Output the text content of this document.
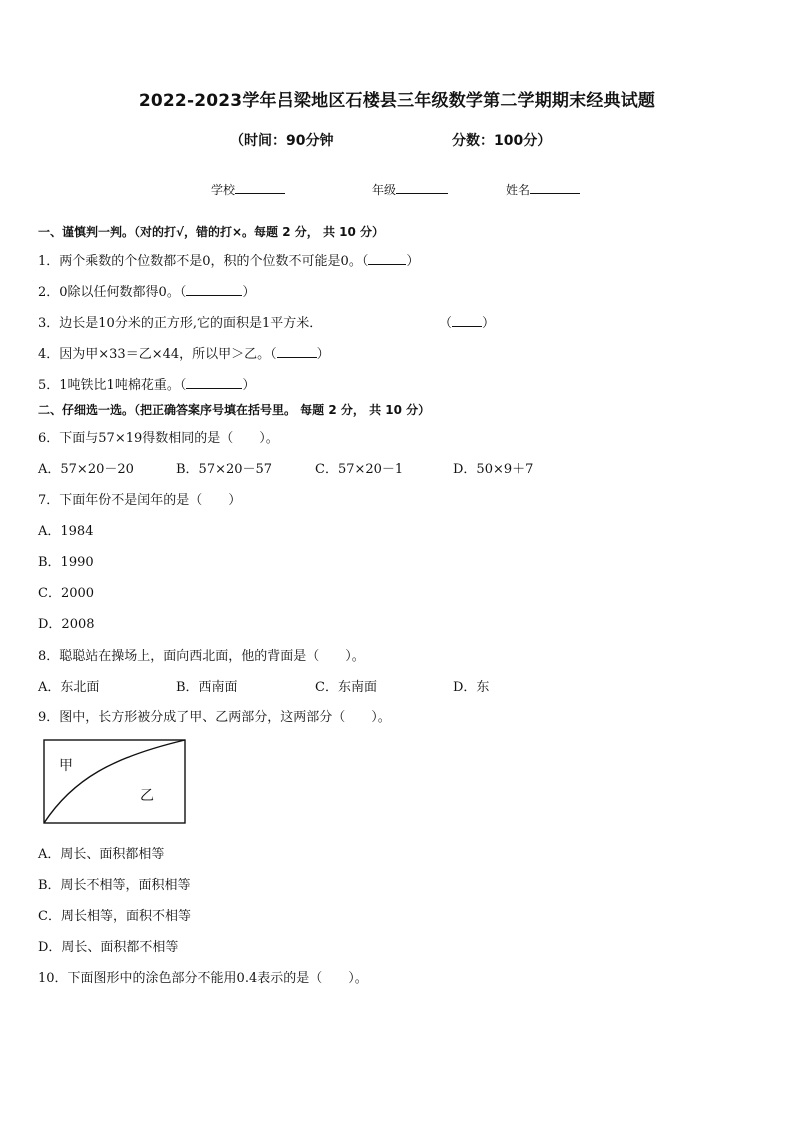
2022-2023学年吕梁地区石楼县三年级数学第二学期期末经典试题
（时间：90分钟	分数：100分）
学校	年级	姓名
一、谨慎判一判。（对的打√，错的打×。每题 2 分， 共 10 分）
1．两个乘数的个位数都不是0，积的个位数不可能是0。（	）
2．0除以任何数都得0。（	）
3．边长是10分米的正方形,它的面积是1平方米．	（ ）
4．因为甲×33＝乙×44，所以甲＞乙。（	）
5．1吨铁比1吨棉花重。（	）
二、仔细选一选。（把正确答案序号填在括号里。 每题 2 分， 共 10 分）
6．下面与57×19得数相同的是（　　）。
A．57×20－20	B．57×20－57	C．57×20－1	D．50×9＋7
7．下面年份不是闰年的是（　　）
A．1984
B．1990
C．2000
D．2008
8．聪聪站在操场上，面向西北面，他的背面是（　　）。
A．东北面	B．西南面	C．东南面	D．东
9．图中，长方形被分成了甲、乙两部分，这两部分（　　）。
甲
乙
A．周长、面积都相等
B．周长不相等，面积相等
C．周长相等，面积不相等
D．周长、面积都不相等
10．下面图形中的涂色部分不能用0.4表示的是（　　）。
